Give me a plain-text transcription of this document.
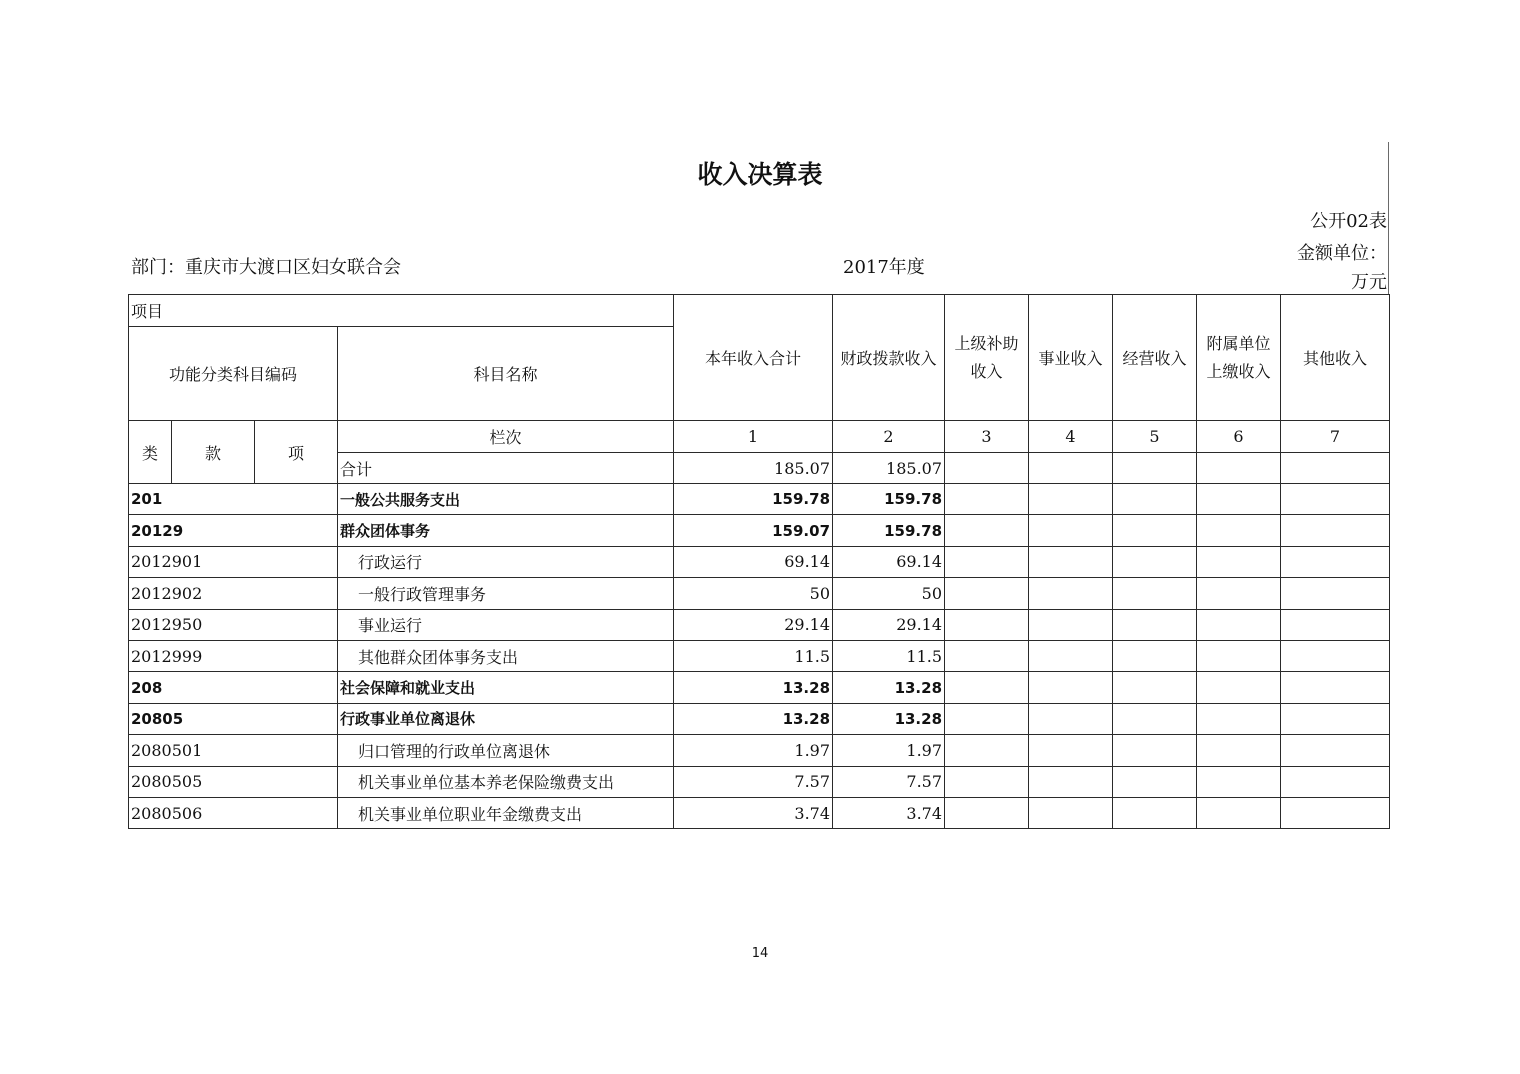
收入决算表
公开02表
金额单位：
万元
部门：重庆市大渡口区妇女联合会	2017年度
项目				本年收入合计	财政拨款收入	上级补助收入	事业收入	经营收入	附属单位上缴收入	其他收入
功能分类科目编码			科目名称							
类	款	项	栏次	1	2	3	4	5	6	7
			合计	185.07	185.07					
201			一般公共服务支出	159.78	159.78					
20129			群众团体事务	159.07	159.78					
2012901			行政运行	69.14	69.14					
2012902			一般行政管理事务	50	50					
2012950			事业运行	29.14	29.14					
2012999			其他群众团体事务支出	11.5	11.5					
208			社会保障和就业支出	13.28	13.28					
20805			行政事业单位离退休	13.28	13.28					
2080501			归口管理的行政单位离退休	1.97	1.97					
2080505			机关事业单位基本养老保险缴费支出	7.57	7.57					
2080506			机关事业单位职业年金缴费支出	3.74	3.74					
14
